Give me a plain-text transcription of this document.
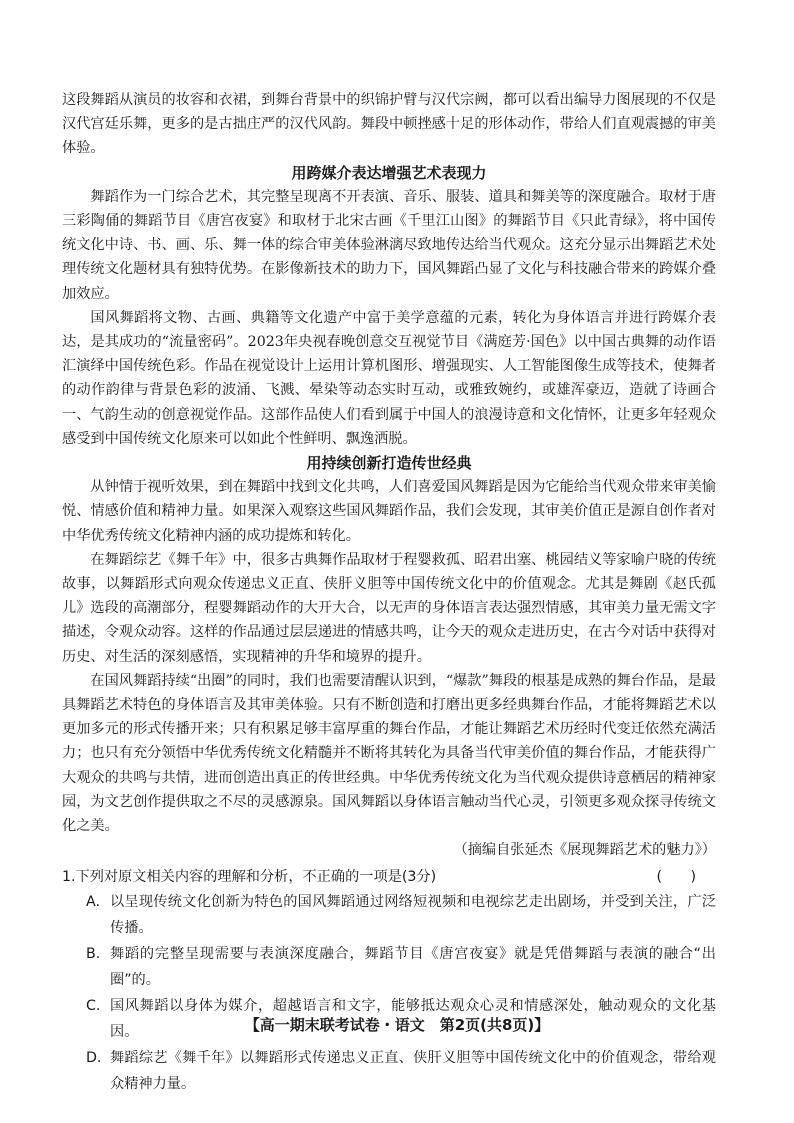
这段舞蹈从演员的妆容和衣裙，到舞台背景中的织锦护臂与汉代宗阙，都可以看出编导力图展现的不仅是汉代宫廷乐舞，更多的是古拙庄严的汉代风韵。舞段中顿挫感十足的形体动作，带给人们直观震撼的审美体验。

用跨媒介表达增强艺术表现力

舞蹈作为一门综合艺术，其完整呈现离不开表演、音乐、服装、道具和舞美等的深度融合。取材于唐三彩陶俑的舞蹈节目《唐宫夜宴》和取材于北宋古画《千里江山图》的舞蹈节目《只此青绿》，将中国传统文化中诗、书、画、乐、舞一体的综合审美体验淋漓尽致地传达给当代观众。这充分显示出舞蹈艺术处理传统文化题材具有独特优势。在影像新技术的助力下，国风舞蹈凸显了文化与科技融合带来的跨媒介叠加效应。

国风舞蹈将文物、古画、典籍等文化遗产中富于美学意蕴的元素，转化为身体语言并进行跨媒介表达，是其成功的“流量密码”。2023年央视春晚创意交互视觉节目《满庭芳·国色》以中国古典舞的动作语汇演绎中国传统色彩。作品在视觉设计上运用计算机图形、增强现实、人工智能图像生成等技术，使舞者的动作韵律与背景色彩的波涌、飞溅、晕染等动态实时互动，或雅致婉约，或雄浑豪迈，造就了诗画合一、气韵生动的创意视觉作品。这部作品使人们看到属于中国人的浪漫诗意和文化情怀，让更多年轻观众感受到中国传统文化原来可以如此个性鲜明、飘逸洒脱。

用持续创新打造传世经典

从钟情于视听效果，到在舞蹈中找到文化共鸣，人们喜爱国风舞蹈是因为它能给当代观众带来审美愉悦、情感价值和精神力量。如果深入观察这些国风舞蹈作品，我们会发现，其审美价值正是源自创作者对中华优秀传统文化精神内涵的成功提炼和转化。

在舞蹈综艺《舞千年》中，很多古典舞作品取材于程婴救孤、昭君出塞、桃园结义等家喻户晓的传统故事，以舞蹈形式向观众传递忠义正直、侠肝义胆等中国传统文化中的价值观念。尤其是舞剧《赵氏孤儿》选段的高潮部分，程婴舞蹈动作的大开大合，以无声的身体语言表达强烈情感，其审美力量无需文字描述，令观众动容。这样的作品通过层层递进的情感共鸣，让今天的观众走进历史，在古今对话中获得对历史、对生活的深刻感悟，实现精神的升华和境界的提升。

在国风舞蹈持续“出圈”的同时，我们也需要清醒认识到，“爆款”舞段的根基是成熟的舞台作品，是最具舞蹈艺术特色的身体语言及其审美体验。只有不断创造和打磨出更多经典舞台作品，才能将舞蹈艺术以更加多元的形式传播开来；只有积累足够丰富厚重的舞台作品，才能让舞蹈艺术历经时代变迁依然充满活力；也只有充分领悟中华优秀传统文化精髓并不断将其转化为具备当代审美价值的舞台作品，才能获得广大观众的共鸣与共情，进而创造出真正的传世经典。中华优秀传统文化为当代观众提供诗意栖居的精神家园，为文艺创作提供取之不尽的灵感源泉。国风舞蹈以身体语言触动当代心灵，引领更多观众探寻传统文化之美。

（摘编自张延杰《展现舞蹈艺术的魅力》）
1.下列对原文相关内容的理解和分析，不正确的一项是(3分)	(　　)
A. 以呈现传统文化创新为特色的国风舞蹈通过网络短视频和电视综艺走出剧场，并受到关注，广泛传播。
B. 舞蹈的完整呈现需要与表演深度融合，舞蹈节目《唐宫夜宴》就是凭借舞蹈与表演的融合“出圈”的。
C. 国风舞蹈以身体为媒介，超越语言和文字，能够抵达观众心灵和情感深处，触动观众的文化基因。
D. 舞蹈综艺《舞千年》以舞蹈形式传递忠义正直、侠肝义胆等中国传统文化中的价值观念，带给观众精神力量。
【高一期末联考试卷・语文　第2页(共8页)】
